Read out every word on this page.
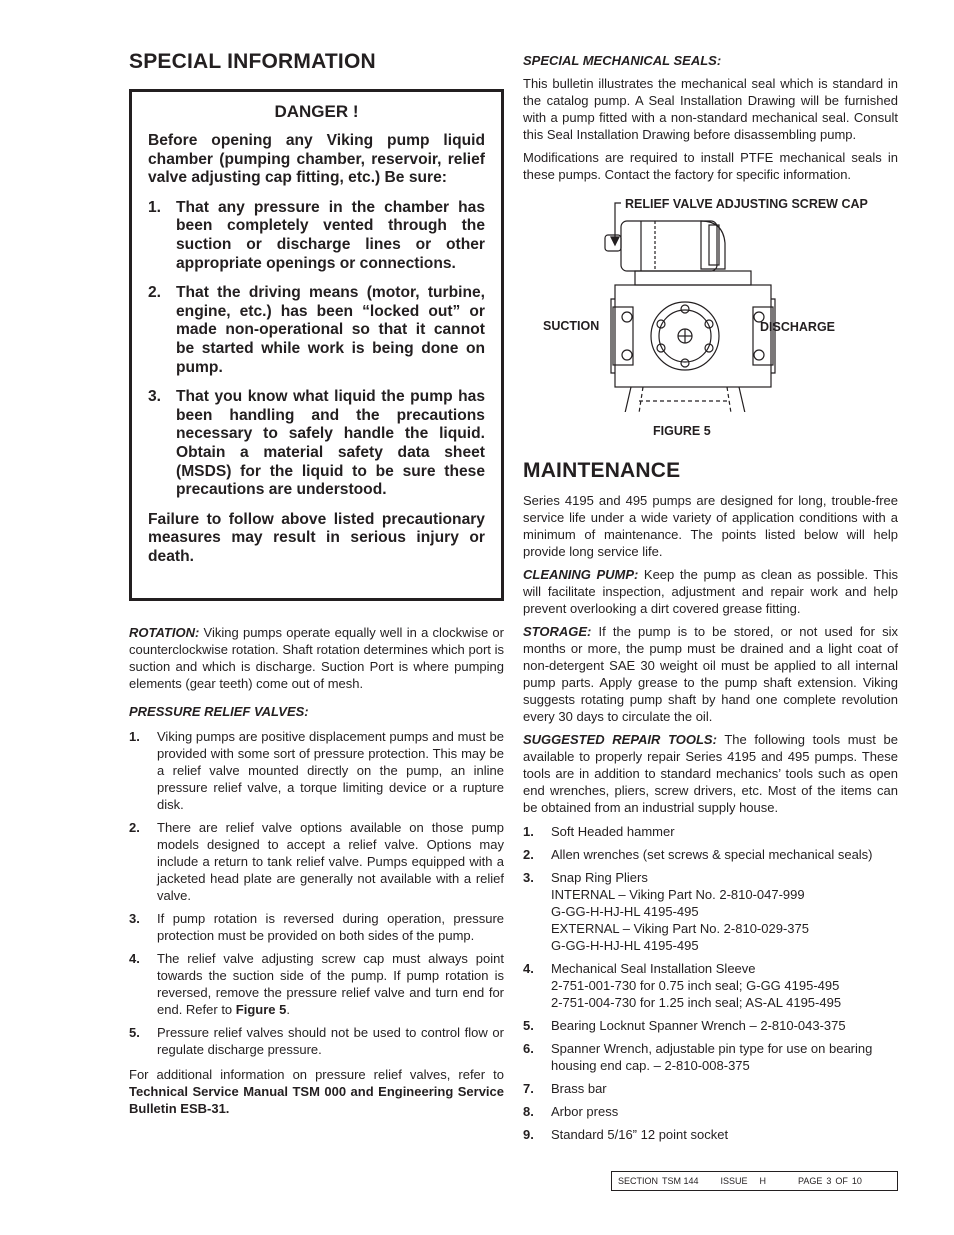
SPECIAL INFORMATION
DANGER !

Before opening any Viking pump liquid chamber (pumping chamber, reservoir, relief valve adjusting cap fitting, etc.) Be sure:

1. That any pressure in the chamber has been completely vented through the suction or discharge lines or other appropriate openings or connections.
2. That the driving means (motor, turbine, engine, etc.) has been “locked out” or made non-operational so that it cannot be started while work is being done on pump.
3. That you know what liquid the pump has been handling and the precautions necessary to safely handle the liquid. Obtain a material safety data sheet (MSDS) for the liquid to be sure these precautions are understood.

Failure to follow above listed precautionary measures may result in serious injury or death.

ROTATION: Viking pumps operate equally well in a clockwise or counterclockwise rotation. Shaft rotation determines which port is suction and which is discharge. Suction Port is where pumping elements (gear teeth) come out of mesh.

PRESSURE RELIEF VALVES:

1.	Viking pumps are positive displacement pumps and must be provided with some sort of pressure protection. This may be a relief valve mounted directly on the pump, an inline pressure relief valve, a torque limiting device or a rupture disk.
2.	There are relief valve options available on those pump models designed to accept a relief valve. Options may include a return to tank relief valve. Pumps equipped with a jacketed head plate are generally not available with a relief valve.
3.	If pump rotation is reversed during operation, pressure protection must be provided on both sides of the pump.
4.	The relief valve adjusting screw cap must always point towards the suction side of the pump. If pump rotation is reversed, remove the pressure relief valve and turn end for end. Refer to Figure 5.
5.	Pressure relief valves should not be used to control flow or regulate discharge pressure.

For additional information on pressure relief valves, refer to Technical Service Manual TSM 000 and Engineering Service Bulletin ESB-31.

SPECIAL MECHANICAL SEALS:

This bulletin illustrates the mechanical seal which is standard in the catalog pump. A Seal Installation Drawing will be furnished with a pump fitted with a non-standard mechanical seal. Consult this Seal Installation Drawing before disassembling pump.

Modifications are required to install PTFE mechanical seals in these pumps. Contact the factory for specific information.

RELIEF VALVE ADJUSTING SCREW CAP
SUCTION	DISCHARGE
FIGURE 5
MAINTENANCE

Series 4195 and 495 pumps are designed for long, trouble-free service life under a wide variety of application conditions with a minimum of maintenance. The points listed below will help provide long service life.

CLEANING PUMP: Keep the pump as clean as possible. This will facilitate inspection, adjustment and repair work and help prevent overlooking a dirt covered grease fitting.

STORAGE: If the pump is to be stored, or not used for six months or more, the pump must be drained and a light coat of non-detergent SAE 30 weight oil must be applied to all internal pump parts. Apply grease to the pump shaft extension. Viking suggests rotating pump shaft by hand one complete revolution every 30 days to circulate the oil.

SUGGESTED REPAIR TOOLS: The following tools must be available to properly repair Series 4195 and 495 pumps. These tools are in addition to standard mechanics’ tools such as open end wrenches, pliers, screw drivers, etc. Most of the items can be obtained from an industrial supply house.

1.	Soft Headed hammer
2.	Allen wrenches (set screws & special mechanical seals)
3.	Snap Ring Pliers
INTERNAL – Viking Part No. 2-810-047-999
G-GG-H-HJ-HL 4195-495
EXTERNAL – Viking Part No. 2-810-029-375
G-GG-H-HJ-HL 4195-495
4.	Mechanical Seal Installation Sleeve
2-751-001-730 for 0.75 inch seal; G-GG 4195-495
2-751-004-730 for 1.25 inch seal; AS-AL 4195-495
5.	Bearing Locknut Spanner Wrench – 2-810-043-375
6.	Spanner Wrench, adjustable pin type for use on bearing housing end cap. – 2-810-008-375
7.	Brass bar
8.	Arbor press
9.	Standard 5/16” 12 point socket
SECTION TSM 144 ISSUE H	PAGE 3 OF 10
